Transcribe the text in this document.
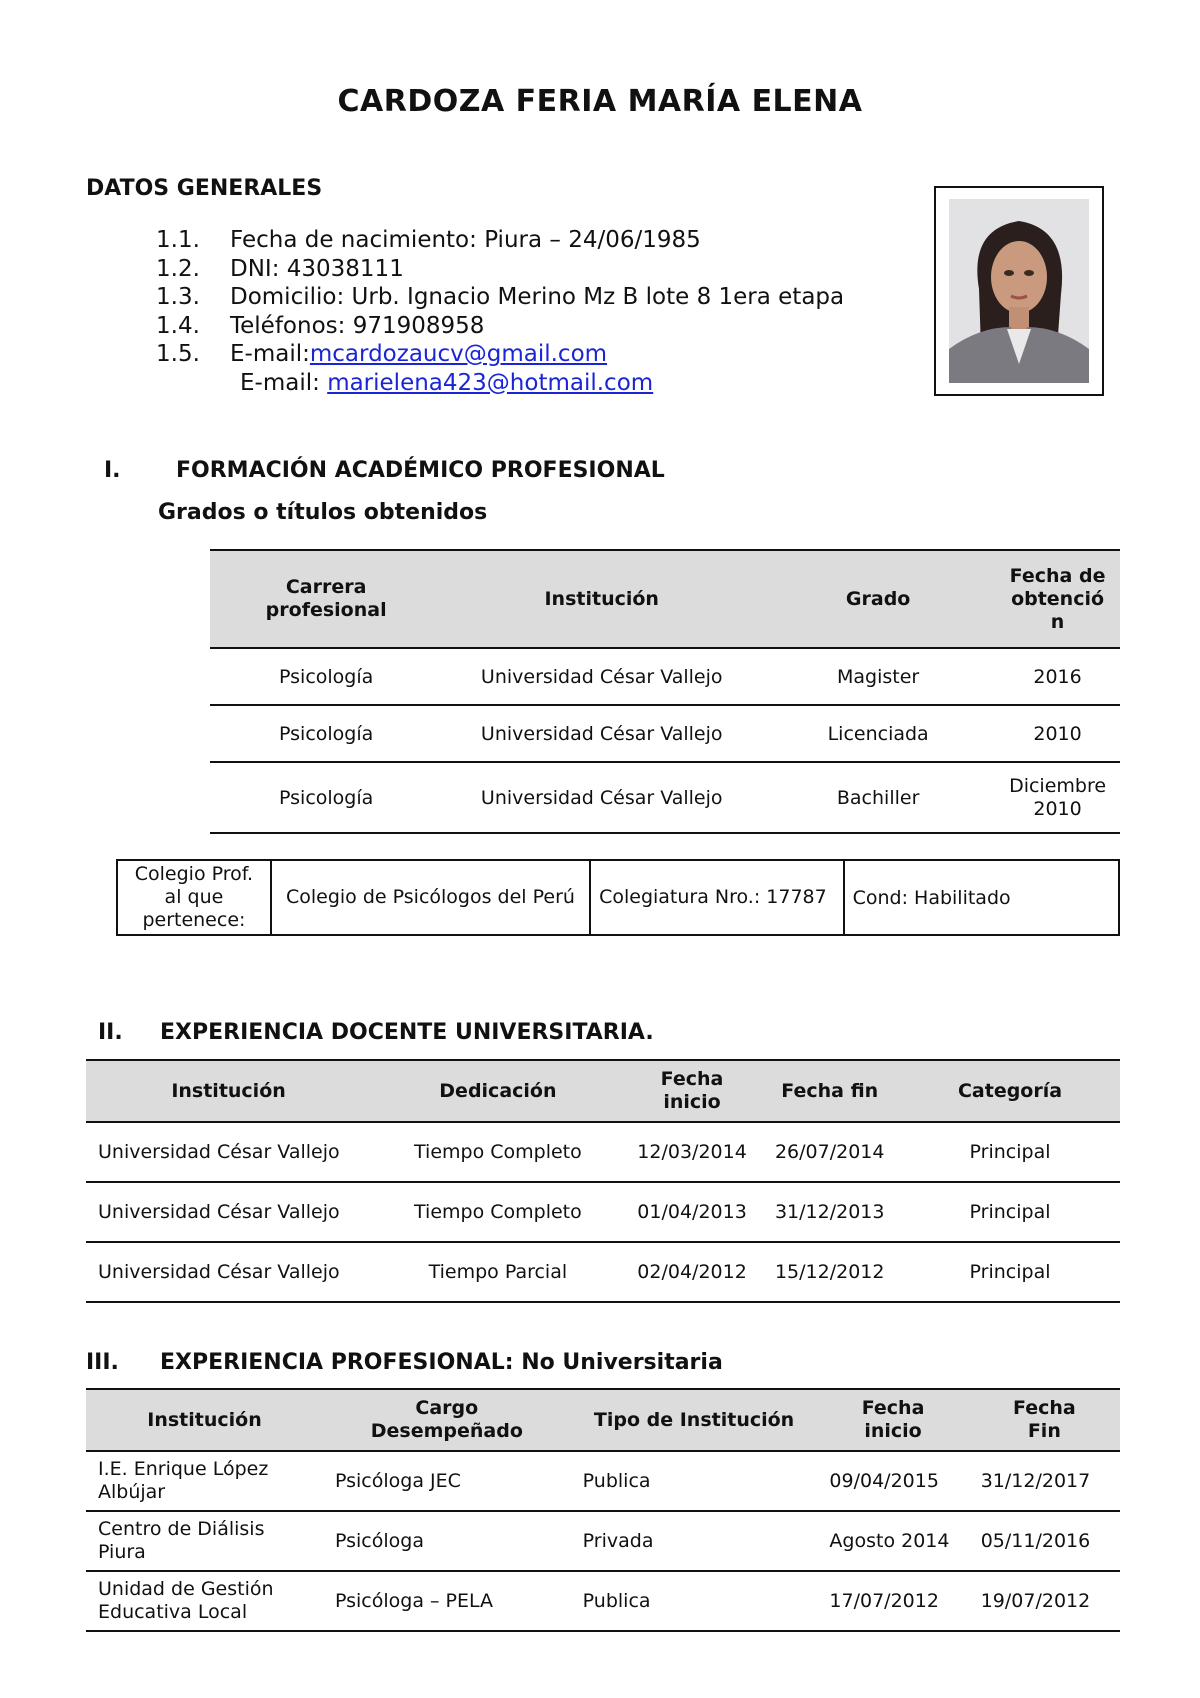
CARDOZA FERIA MARÍA ELENA
DATOS GENERALES
1.1.	Fecha de nacimiento: Piura – 24/06/1985
1.2.	DNI: 43038111
1.3.	Domicilio: Urb. Ignacio Merino Mz B lote 8 1era etapa
1.4.	Teléfonos: 971908958
1.5.	E-mail: mcardozaucv@gmail.com
E-mail:
marielena423@hotmail.com
I.	FORMACIÓN ACADÉMICO PROFESIONAL
Grados o títulos obtenidos
Carrera profesional	Institución	Grado	Fecha de obtención
Psicología	Universidad César Vallejo	Magister	2016
Psicología	Universidad César Vallejo	Licenciada	2010
Psicología	Universidad César Vallejo	Bachiller	Diciembre 2010
Colegio Prof. al que pertenece:	Colegio de Psicólogos del Perú	Colegiatura Nro.: 17787	Cond: Habilitado
II. EXPERIENCIA DOCENTE UNIVERSITARIA.
Institución	Dedicación	Fecha inicio	Fecha fin	Categoría
Universidad César Vallejo	Tiempo Completo	12/03/2014	26/07/2014	Principal
Universidad César Vallejo	Tiempo Completo	01/04/2013	31/12/2013	Principal
Universidad César Vallejo	Tiempo Parcial	02/04/2012	15/12/2012	Principal
III. EXPERIENCIA PROFESIONAL: No Universitaria
Institución	Cargo Desempeñado	Tipo de Institución	Fecha inicio	Fecha Fin
I.E. Enrique López Albújar	Psicóloga JEC	Publica	09/04/2015	31/12/2017
Centro de Diálisis Piura	Psicóloga	Privada	Agosto 2014	05/11/2016
Unidad de Gestión Educativa Local	Psicóloga – PELA	Publica	17/07/2012	19/07/2012
